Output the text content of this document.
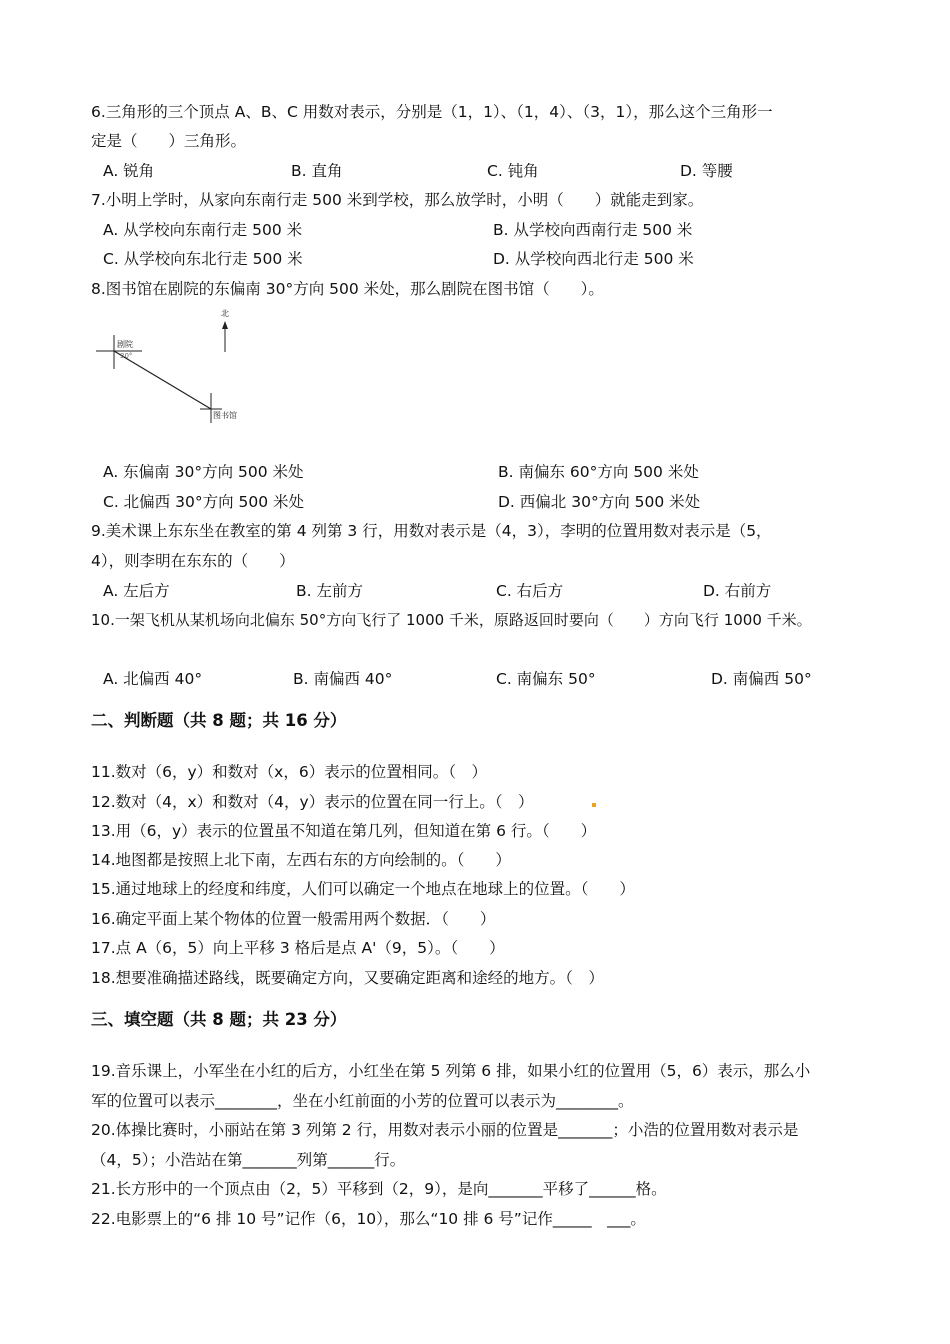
6.三角形的三个顶点 A、B、C 用数对表示，分别是（1，1）、（1，4）、（3，1），那么这个三角形一
定是（　　）三角形。
A. 锐角	B. 直角	C. 钝角	D. 等腰
7.小明上学时，从家向东南行走 500 米到学校，那么放学时，小明（　　）就能走到家。
A. 从学校向东南行走 500 米	B. 从学校向西南行走 500 米
C. 从学校向东北行走 500 米	D. 从学校向西北行走 500 米
8.图书馆在剧院的东偏南 30°方向 500 米处，那么剧院在图书馆（　　）。
北
剧院
30°
图书馆
A. 东偏南 30°方向 500 米处	B. 南偏东 60°方向 500 米处
C. 北偏西 30°方向 500 米处	D. 西偏北 30°方向 500 米处
9.美术课上东东坐在教室的第 4 列第 3 行，用数对表示是（4，3），李明的位置用数对表示是（5，
4），则李明在东东的（　　）
A. 左后方	B. 左前方	C. 右后方	D. 右前方
10.一架飞机从某机场向北偏东 50°方向飞行了 1000 千米，原路返回时要向（　　）方向飞行 1000 千米。
A. 北偏西 40°	B. 南偏西 40°	C. 南偏东 50°	D. 南偏西 50°
二、判断题（共 8 题；共 16 分）
11.数对（6，y）和数对（x，6）表示的位置相同。（　）
12.数对（4，x）和数对（4，y）表示的位置在同一行上。（　）
13.用（6，y）表示的位置虽不知道在第几列，但知道在第 6 行。（　　）
14.地图都是按照上北下南，左西右东的方向绘制的。（　　）
15.通过地球上的经度和纬度，人们可以确定一个地点在地球上的位置。（　　）
16.确定平面上某个物体的位置一般需用两个数据．（　　）
17.点 A（6，5）向上平移 3 格后是点 A'（9，5）。（　　）
18.想要准确描述路线，既要确定方向，又要确定距离和途经的地方。（　）
三、填空题（共 8 题；共 23 分）
19.音乐课上，小军坐在小红的后方，小红坐在第 5 列第 6 排，如果小红的位置用（5，6）表示，那么小
军的位置可以表示________，坐在小红前面的小芳的位置可以表示为________。
20.体操比赛时，小丽站在第 3 列第 2 行，用数对表示小丽的位置是_______；小浩的位置用数对表示是
（4，5）；小浩站在第_______列第______行。
21.长方形中的一个顶点由（2，5）平移到（2，9），是向_______平移了______格。
22.电影票上的“6 排 10 号”记作（6，10），那么“10 排 6 号”记作_____　___。
